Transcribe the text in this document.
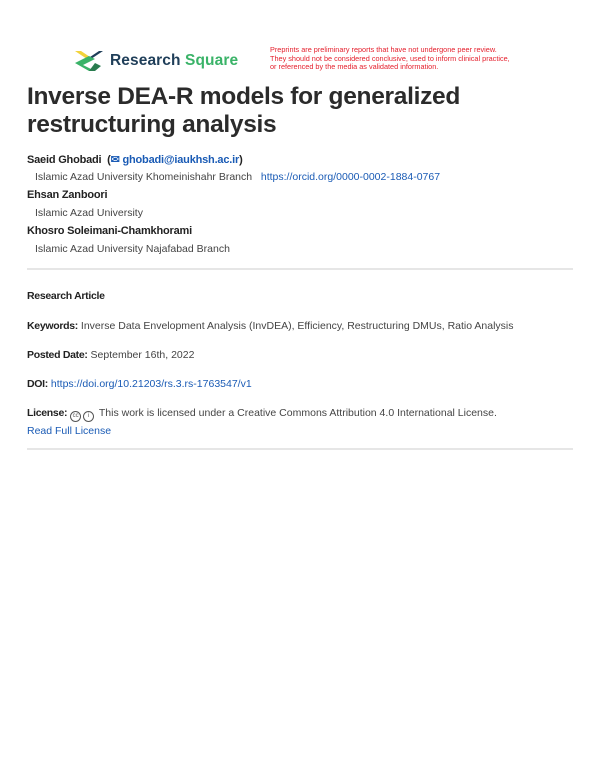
Research Square
Preprints are preliminary reports that have not undergone peer review.
They should not be considered conclusive, used to inform clinical practice,
or referenced by the media as validated information.
Inverse DEA-R models for generalized restructuring analysis
Saeid Ghobadi  (✉ ghobadi@iaukhsh.ac.ir)
Islamic Azad University Khomeinishahr Branch https://orcid.org/0000-0002-1884-0767
Ehsan Zanboori
Islamic Azad University
Khosro Soleimani-Chamkhorami
Islamic Azad University Najafabad Branch
Research Article
Keywords: Inverse Data Envelopment Analysis (InvDEA), Efficiency, Restructuring DMUs, Ratio Analysis
Posted Date: September 16th, 2022
DOI: https://doi.org/10.21203/rs.3.rs-1763547/v1
License: cc i This work is licensed under a Creative Commons Attribution 4.0 International License.
Read Full License
